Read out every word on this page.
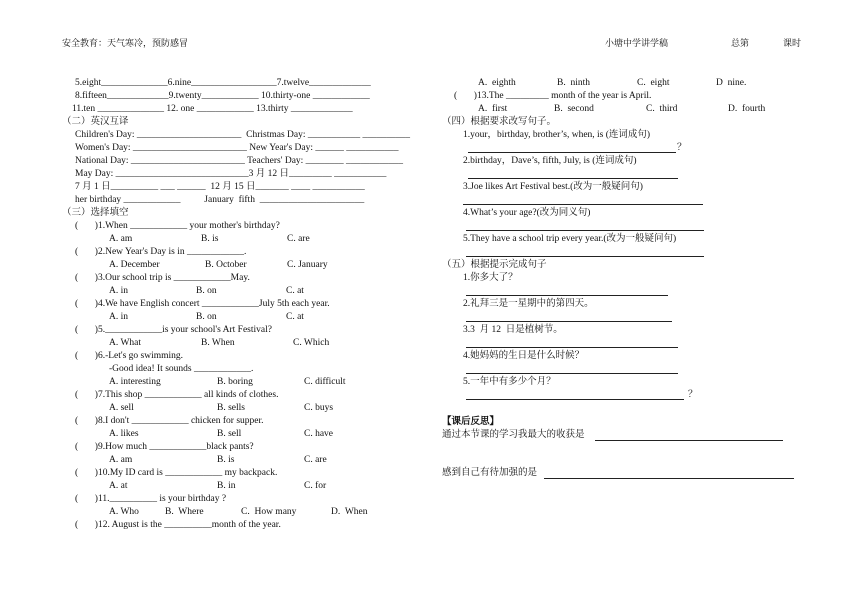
安全教育：天气寒冷，预防感冒	小塘中学讲学稿	总第	课时
5.eight______________6.nine__________________7.twelve_____________
8.fifteen_____________9.twenty____________ 10.thirty-one ____________
11.ten ______________ 12. one ____________ 13.thirty _____________
（二）英汉互译
Children's Day: ______________________  Christmas Day: ___________ __________
Women's Day: ________________________ New Year's Day: ______ ___________
National Day: ________________________ Teachers' Day: ________ ____________
May Day: ____________________________3 月 12 日_________ ___________
7 月 1 日__________ ___ ______  12 月 15 日_______ ____ ___________
her birthday ____________          January  fifth  ______________________
（三）选择填空
(       )1.When ____________ your mother's birthday?
A. am	B. is	C. are
(       )2.New Year's Day is in ____________.
A. December	B. October	C. January
(       )3.Our school trip is ____________May.
A. in	B. on	C. at
(       )4.We have English concert ____________July 5th each year.
A. in	B. on	C. at
(       )5.____________is your school's Art Festival?
A. What	B. When	C. Which
(       )6.-Let's go swimming.
-Good idea! It sounds ____________.
A. interesting	B. boring	C. difficult
(       )7.This shop ____________ all kinds of clothes.
A. sell	B. sells	C. buys
(       )8.I don't ____________ chicken for supper.
A. likes	B. sell	C. have
(       )9.How much ____________black pants?
A. am	B. is	C. are
(       )10.My ID card is ____________ my backpack.
A. at	B. in	C. for
(       )11.__________ is your birthday ?
A. Who	B.  Where	C.  How many	D.  When
(       )12. August is the __________month of the year.
A.  eighth	B.  ninth	C.  eight	D  nine.
(       )13.The _________ month of the year is April.
A.  first	B.  second	C.  third	D.  fourth
（四）根据要求改写句子。
1.your，birthday, brother’s, when, is (连词成句)
？
2.birthday，Dave’s, fifth, July, is (连词成句)
3.Joe likes Art Festival best.(改为一般疑问句)
4.What’s your age?(改为同义句)
5.They have a school trip every year.(改为一般疑问句)
（五）根据提示完成句子
1.你多大了？
2.礼拜三是一星期中的第四天。
3.3  月 12  日是植树节。
4.她妈妈的生日是什么时候？
5.一年中有多少个月？
？
【课后反思】
通过本节课的学习我最大的收获是
感到自己有待加强的是
